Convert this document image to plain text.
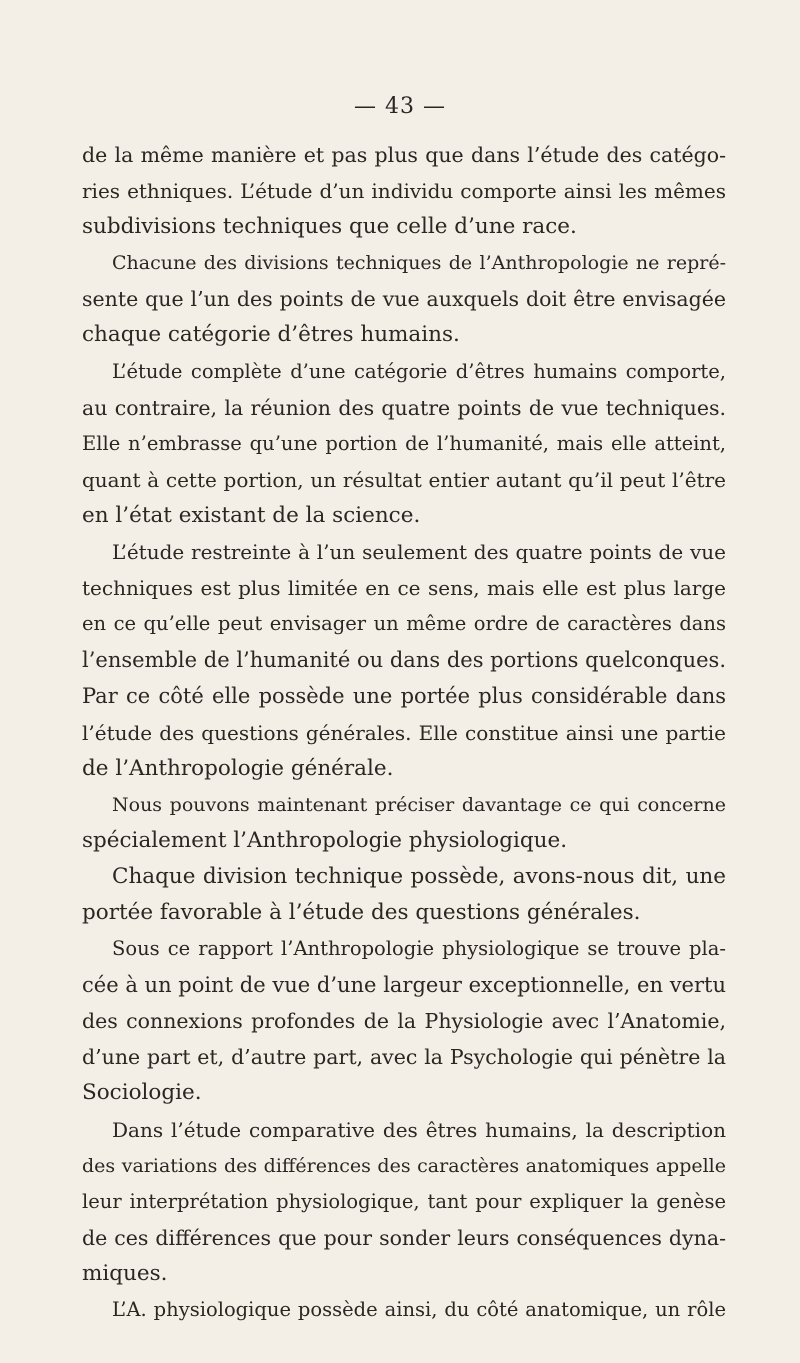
— 43 —
de la même manière et pas plus que dans l’étude des catégo-
ries ethniques. L’étude d’un individu comporte ainsi les mêmes
subdivisions techniques que celle d’une race.
Chacune des divisions techniques de l’Anthropologie ne repré-
sente que l’un des points de vue auxquels doit être envisagée
chaque catégorie d’êtres humains.
L’étude complète d’une catégorie d’êtres humains comporte,
au contraire, la réunion des quatre points de vue techniques.
Elle n’embrasse qu’une portion de l’humanité, mais elle atteint,
quant à cette portion, un résultat entier autant qu’il peut l’être
en l’état existant de la science.
L’étude restreinte à l’un seulement des quatre points de vue
techniques est plus limitée en ce sens, mais elle est plus large
en ce qu’elle peut envisager un même ordre de caractères dans
l’ensemble de l’humanité ou dans des portions quelconques.
Par ce côté elle possède une portée plus considérable dans
l’étude des questions générales. Elle constitue ainsi une partie
de l’Anthropologie générale.
Nous pouvons maintenant préciser davantage ce qui concerne
spécialement l’Anthropologie physiologique.
Chaque division technique possède, avons-nous dit, une
portée favorable à l’étude des questions générales.
Sous ce rapport l’Anthropologie physiologique se trouve pla-
cée à un point de vue d’une largeur exceptionnelle, en vertu
des connexions profondes de la Physiologie avec l’Anatomie,
d’une part et, d’autre part, avec la Psychologie qui pénètre la
Sociologie.
Dans l’étude comparative des êtres humains, la description
des variations des différences des caractères anatomiques appelle
leur interprétation physiologique, tant pour expliquer la genèse
de ces différences que pour sonder leurs conséquences dyna-
miques.
L’A. physiologique possède ainsi, du côté anatomique, un rôle
